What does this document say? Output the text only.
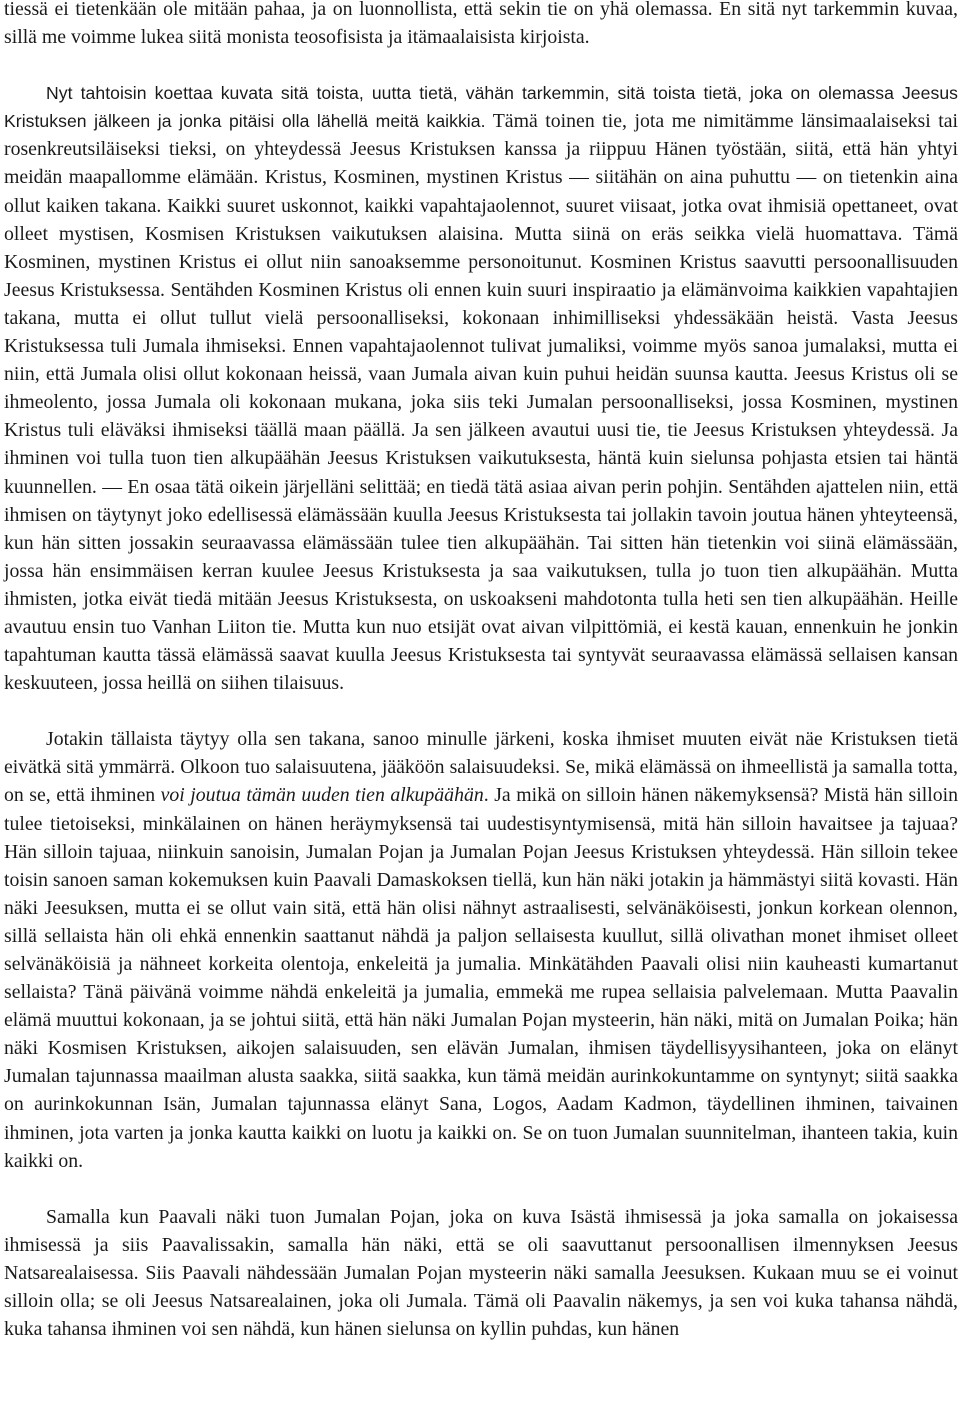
tiessä ei tietenkään ole mitään pahaa, ja on luonnollista, että sekin tie on yhä olemassa. En sitä nyt tarkemmin kuvaa, sillä me voimme lukea siitä monista teosofisista ja itämaalaisista kirjoista.

Nyt tahtoisin koettaa kuvata sitä toista, uutta tietä, vähän tarkemmin, sitä toista tietä, joka on olemassa Jeesus Kristuksen jälkeen ja jonka pitäisi olla lähellä meitä kaikkia. Tämä toinen tie, jota me nimitämme länsimaalaiseksi tai rosenkreutsiläiseksi tieksi, on yhteydessä Jeesus Kristuksen kanssa ja riippuu Hänen työstään, siitä, että hän yhtyi meidän maapallomme elämään. Kristus, Kosminen, mystinen Kristus — siitähän on aina puhuttu — on tietenkin aina ollut kaiken takana. Kaikki suuret uskonnot, kaikki vapahtajaolennot, suuret viisaat, jotka ovat ihmisiä opettaneet, ovat olleet mystisen, Kosmisen Kristuksen vaikutuksen alaisina. Mutta siinä on eräs seikka vielä huomattava. Tämä Kosminen, mystinen Kristus ei ollut niin sanoaksemme personoitunut. Kosminen Kristus saavutti persoonallisuuden Jeesus Kristuksessa. Sentähden Kosminen Kristus oli ennen kuin suuri inspiraatio ja elämänvoima kaikkien vapahtajien takana, mutta ei ollut tullut vielä persoonalliseksi, kokonaan inhimilliseksi yhdessäkään heistä. Vasta Jeesus Kristuksessa tuli Jumala ihmiseksi. Ennen vapahtajaolennot tulivat jumaliksi, voimme myös sanoa jumalaksi, mutta ei niin, että Jumala olisi ollut kokonaan heissä, vaan Jumala aivan kuin puhui heidän suunsa kautta. Jeesus Kristus oli se ihmeolento, jossa Jumala oli kokonaan mukana, joka siis teki Jumalan persoonalliseksi, jossa Kosminen, mystinen Kristus tuli eläväksi ihmiseksi täällä maan päällä. Ja sen jälkeen avautui uusi tie, tie Jeesus Kristuksen yhteydessä. Ja ihminen voi tulla tuon tien alkupäähän Jeesus Kristuksen vaikutuksesta, häntä kuin sielunsa pohjasta etsien tai häntä kuunnellen. — En osaa tätä oikein järjelläni selittää; en tiedä tätä asiaa aivan perin pohjin. Sentähden ajattelen niin, että ihmisen on täytynyt joko edellisessä elämässään kuulla Jeesus Kristuksesta tai jollakin tavoin joutua hänen yhteyteensä, kun hän sitten jossakin seuraavassa elämässään tulee tien alkupäähän. Tai sitten hän tietenkin voi siinä elämässään, jossa hän ensimmäisen kerran kuulee Jeesus Kristuksesta ja saa vaikutuksen, tulla jo tuon tien alkupäähän. Mutta ihmisten, jotka eivät tiedä mitään Jeesus Kristuksesta, on uskoakseni mahdotonta tulla heti sen tien alkupäähän. Heille avautuu ensin tuo Vanhan Liiton tie. Mutta kun nuo etsijät ovat aivan vilpittömiä, ei kestä kauan, ennenkuin he jonkin tapahtuman kautta tässä elämässä saavat kuulla Jeesus Kristuksesta tai syntyvät seuraavassa elämässä sellaisen kansan keskuuteen, jossa heillä on siihen tilaisuus.

Jotakin tällaista täytyy olla sen takana, sanoo minulle järkeni, koska ihmiset muuten eivät näe Kristuksen tietä eivätkä sitä ymmärrä. Olkoon tuo salaisuutena, jääköön salaisuudeksi. Se, mikä elämässä on ihmeellistä ja samalla totta, on se, että ihminen voi joutua tämän uuden tien alkupäähän. Ja mikä on silloin hänen näkemyksensä? Mistä hän silloin tulee tietoiseksi, minkälainen on hänen heräymyksensä tai uudestisyntymisensä, mitä hän silloin havaitsee ja tajuaa? Hän silloin tajuaa, niinkuin sanoisin, Jumalan Pojan ja Jumalan Pojan Jeesus Kristuksen yhteydessä. Hän silloin tekee toisin sanoen saman kokemuksen kuin Paavali Damaskoksen tiellä, kun hän näki jotakin ja hämmästyi siitä kovasti. Hän näki Jeesuksen, mutta ei se ollut vain sitä, että hän olisi nähnyt astraalisesti, selvänäköisesti, jonkun korkean olennon, sillä sellaista hän oli ehkä ennenkin saattanut nähdä ja paljon sellaisesta kuullut, sillä olivathan monet ihmiset olleet selvänäköisiä ja nähneet korkeita olentoja, enkeleitä ja jumalia. Minkätähden Paavali olisi niin kauheasti kumartanut sellaista? Tänä päivänä voimme nähdä enkeleitä ja jumalia, emmekä me rupea sellaisia palvelemaan. Mutta Paavalin elämä muuttui kokonaan, ja se johtui siitä, että hän näki Jumalan Pojan mysteerin, hän näki, mitä on Jumalan Poika; hän näki Kosmisen Kristuksen, aikojen salaisuuden, sen elävän Jumalan, ihmisen täydellisyysihanteen, joka on elänyt Jumalan tajunnassa maailman alusta saakka, siitä saakka, kun tämä meidän aurinkokuntamme on syntynyt; siitä saakka on aurinkokunnan Isän, Jumalan tajunnassa elänyt Sana, Logos, Aadam Kadmon, täydellinen ihminen, taivainen ihminen, jota varten ja jonka kautta kaikki on luotu ja kaikki on. Se on tuon Jumalan suunnitelman, ihanteen takia, kuin kaikki on.

Samalla kun Paavali näki tuon Jumalan Pojan, joka on kuva Isästä ihmisessä ja joka samalla on jokaisessa ihmisessä ja siis Paavalissakin, samalla hän näki, että se oli saavuttanut persoonallisen ilmennyksen Jeesus Natsarealaisessa. Siis Paavali nähdessään Jumalan Pojan mysteerin näki samalla Jeesuksen. Kukaan muu se ei voinut silloin olla; se oli Jeesus Natsarealainen, joka oli Jumala. Tämä oli Paavalin näkemys, ja sen voi kuka tahansa nähdä, kuka tahansa ihminen voi sen nähdä, kun hänen sielunsa on kyllin puhdas, kun hänen
